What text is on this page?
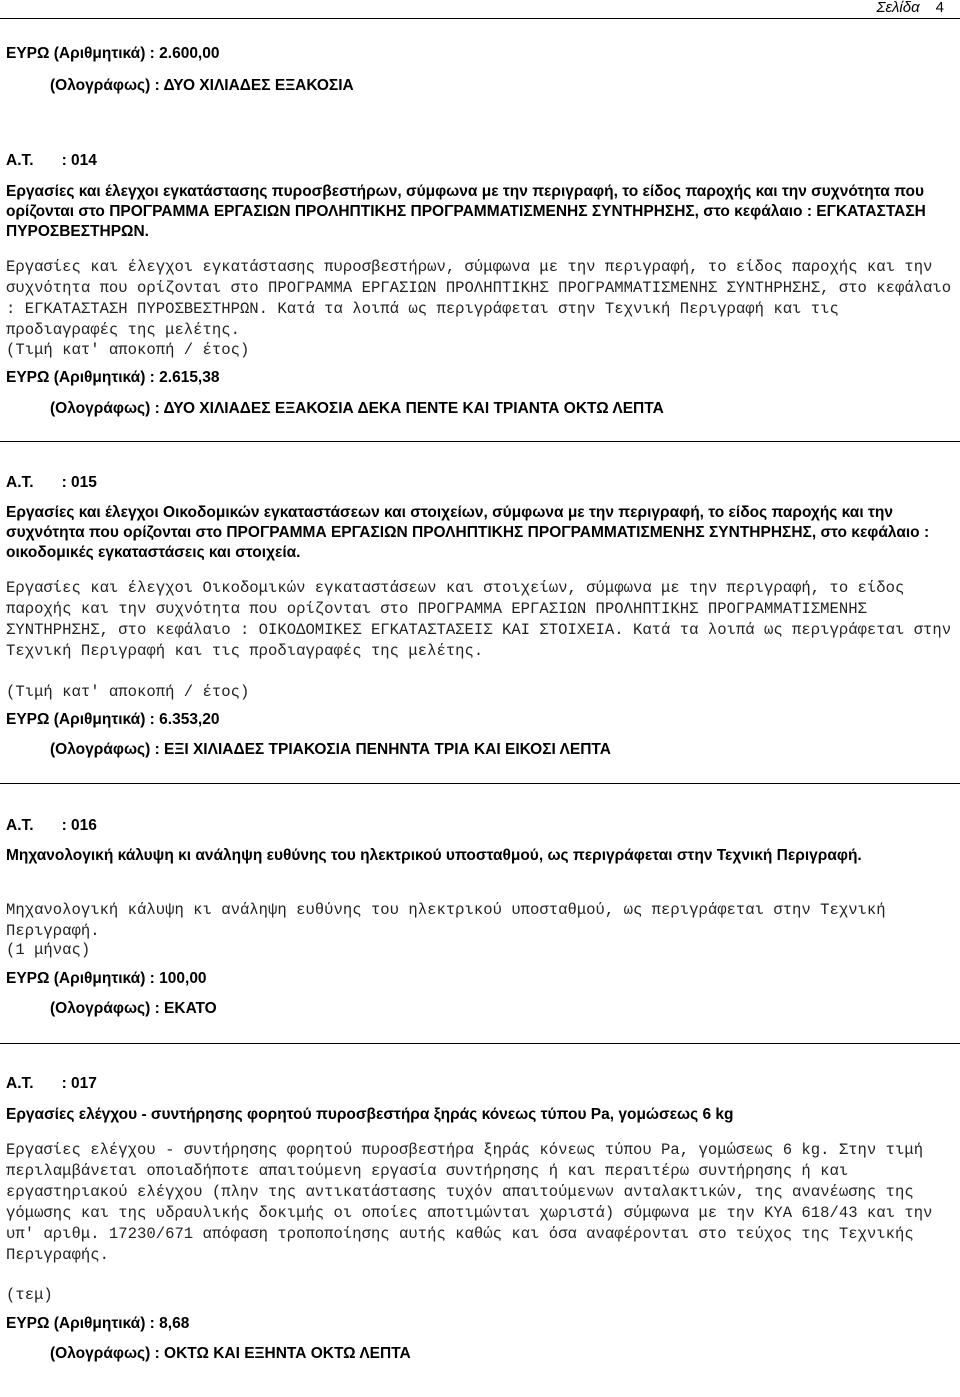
Σελίδα 4
ΕΥΡΩ (Αριθμητικά) : 2.600,00
(Ολογράφως) : ΔΥΟ ΧΙΛΙΑΔΕΣ ΕΞΑΚΟΣΙΑ
Α.Τ. : 014
Εργασίες και έλεγχοι εγκατάστασης πυροσβεστήρων, σύμφωνα με την περιγραφή, το είδος παροχής και την συχνότητα που ορίζονται στο ΠΡΟΓΡΑΜΜΑ ΕΡΓΑΣΙΩΝ ΠΡΟΛΗΠΤΙΚΗΣ ΠΡΟΓΡΑΜΜΑΤΙΣΜΕΝΗΣ ΣΥΝΤΗΡΗΣΗΣ, στο κεφάλαιο : ΕΓΚΑΤΑΣΤΑΣΗ ΠΥΡΟΣΒΕΣΤΗΡΩΝ.
Εργασίες και έλεγχοι εγκατάστασης πυροσβεστήρων, σύμφωνα με την περιγραφή, το είδος παροχής και την συχνότητα που ορίζονται στο ΠΡΟΓΡΑΜΜΑ ΕΡΓΑΣΙΩΝ ΠΡΟΛΗΠΤΙΚΗΣ ΠΡΟΓΡΑΜΜΑΤΙΣΜΕΝΗΣ ΣΥΝΤΗΡΗΣΗΣ, στο κεφάλαιο : ΕΓΚΑΤΑΣΤΑΣΗ ΠΥΡΟΣΒΕΣΤΗΡΩΝ. Κατά τα λοιπά ως περιγράφεται στην Τεχνική Περιγραφή και τις προδιαγραφές της μελέτης.
(Τιμή κατ' αποκοπή / έτος)
ΕΥΡΩ (Αριθμητικά) : 2.615,38
(Ολογράφως) : ΔΥΟ ΧΙΛΙΑΔΕΣ ΕΞΑΚΟΣΙΑ ΔΕΚΑ ΠΕΝΤΕ ΚΑΙ ΤΡΙΑΝΤΑ ΟΚΤΩ ΛΕΠΤΑ
Α.Τ. : 015
Εργασίες και έλεγχοι Οικοδομικών εγκαταστάσεων και στοιχείων, σύμφωνα με την περιγραφή, το είδος παροχής και την συχνότητα που ορίζονται στο ΠΡΟΓΡΑΜΜΑ ΕΡΓΑΣΙΩΝ ΠΡΟΛΗΠΤΙΚΗΣ ΠΡΟΓΡΑΜΜΑΤΙΣΜΕΝΗΣ ΣΥΝΤΗΡΗΣΗΣ, στο κεφάλαιο : οικοδομικές εγκαταστάσεις και στοιχεία.
Εργασίες και έλεγχοι Οικοδομικών εγκαταστάσεων και στοιχείων, σύμφωνα με την περιγραφή, το είδος παροχής και την συχνότητα που ορίζονται στο ΠΡΟΓΡΑΜΜΑ ΕΡΓΑΣΙΩΝ ΠΡΟΛΗΠΤΙΚΗΣ ΠΡΟΓΡΑΜΜΑΤΙΣΜΕΝΗΣ ΣΥΝΤΗΡΗΣΗΣ, στο κεφάλαιο : ΟΙΚΟΔΟΜΙΚΕΣ ΕΓΚΑΤΑΣΤΑΣΕΙΣ ΚΑΙ ΣΤΟΙΧΕΙΑ. Κατά τα λοιπά ως περιγράφεται στην Τεχνική Περιγραφή και τις προδιαγραφές της μελέτης.
(Τιμή κατ' αποκοπή / έτος)
ΕΥΡΩ (Αριθμητικά) : 6.353,20
(Ολογράφως) : ΕΞΙ ΧΙΛΙΑΔΕΣ ΤΡΙΑΚΟΣΙΑ ΠΕΝΗΝΤΑ ΤΡΙΑ ΚΑΙ ΕΙΚΟΣΙ ΛΕΠΤΑ
Α.Τ. : 016
Μηχανολογική κάλυψη κι ανάληψη ευθύνης του ηλεκτρικού υποσταθμού, ως περιγράφεται στην Τεχνική Περιγραφή.
Μηχανολογική κάλυψη κι ανάληψη ευθύνης του ηλεκτρικού υποσταθμού, ως περιγράφεται στην Τεχνική Περιγραφή.
(1 μήνας)
ΕΥΡΩ (Αριθμητικά) : 100,00
(Ολογράφως) : ΕΚΑΤΟ
Α.Τ. : 017
Εργασίες ελέγχου - συντήρησης φορητού πυροσβεστήρα ξηράς κόνεως τύπου Pa, γομώσεως 6 kg
Εργασίες ελέγχου - συντήρησης φορητού πυροσβεστήρα ξηράς κόνεως τύπου Pa, γομώσεως 6 kg. Στην τιμή περιλαμβάνεται οποιαδήποτε απαιτούμενη εργασία συντήρησης ή και περαιτέρω συντήρησης ή και εργαστηριακού ελέγχου (πλην της αντικατάστασης τυχόν απαιτούμενων ανταλακτικών, της ανανέωσης της γόμωσης και της υδραυλικής δοκιμής οι οποίες αποτιμώνται χωριστά) σύμφωνα με την ΚΥΑ 618/43 και την υπ' αριθμ. 17230/671 απόφαση τροποποίησης αυτής καθώς και όσα αναφέρονται στο τεύχος της Τεχνικής Περιγραφής.
(τεμ)
ΕΥΡΩ (Αριθμητικά) : 8,68
(Ολογράφως) : ΟΚΤΩ ΚΑΙ ΕΞΗΝΤΑ ΟΚΤΩ ΛΕΠΤΑ
